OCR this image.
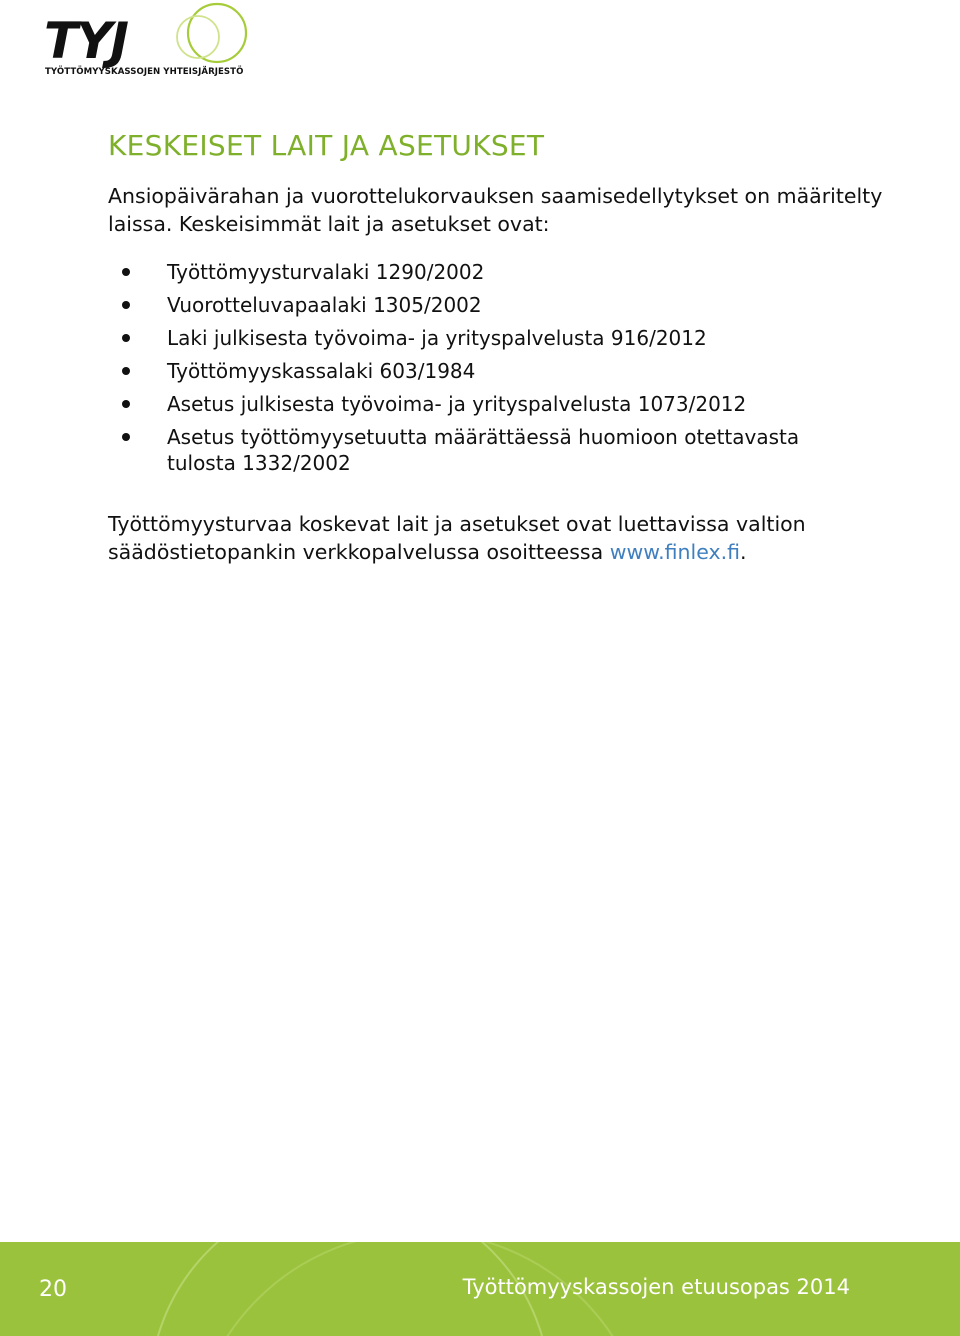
TYJ
TYÖTTÖMYYSKASSOJEN YHTEISJÄRJESTÖ
KESKEISET LAIT JA ASETUKSET

Ansiopäivärahan ja vuorottelukorvauksen saamisedellytykset on määritelty laissa. Keskeisimmät lait ja asetukset ovat:

Työttömyysturvalaki 1290/2002
Vuorotteluvapaalaki 1305/2002
Laki julkisesta työvoima- ja yrityspalvelusta 916/2012
Työttömyyskassalaki 603/1984
Asetus julkisesta työvoima- ja yrityspalvelusta 1073/2012
Asetus työttömyysetuutta määrättäessä huomioon otettavasta tulosta 1332/2002

Työttömyysturvaa koskevat lait ja asetukset ovat luettavissa valtion säädöstietopankin verkkopalvelussa osoitteessa www.finlex.fi.

20	Työttömyyskassojen etuusopas 2014
